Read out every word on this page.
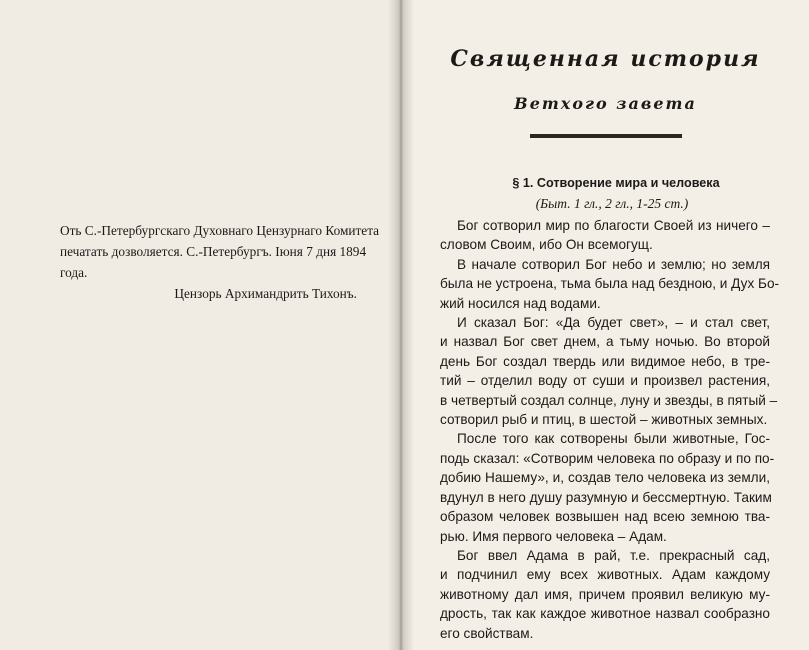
Оть С.-Петербургскаго Духовнаго Цензурнаго Комитета

печатать дозволяется. С.-Петербургъ. Іюня 7 дня 1894 года.

Цензорь Архимандрить Тихонъ.

Священная история
Ветхого завета
§ 1. Сотворение мира и человека
(Быт. 1 гл., 2 гл., 1-25 ст.)
Бог сотворил мир по благости Своей из ничего –
словом Своим, ибо Он всемогущ.
В начале сотворил Бог небо и землю; но земля
была не устроена, тьма была над бездною, и Дух Бо-
жий носился над водами.
И сказал Бог: «Да будет свет», – и стал свет,
и назвал Бог свет днем, а тьму ночью. Во второй
день Бог создал твердь или видимое небо, в тре-
тий – отделил воду от суши и произвел растения,
в четвертый создал солнце, луну и звезды, в пятый –
сотворил рыб и птиц, в шестой – животных земных.
После того как сотворены были животные, Гос-
подь сказал: «Сотворим человека по образу и по по-
добию Нашему», и, создав тело человека из земли,
вдунул в него душу разумную и бессмертную. Таким
образом человек возвышен над всею земною тва-
рью. Имя первого человека – Адам.
Бог ввел Адама в рай, т.е. прекрасный сад,
и подчинил ему всех животных. Адам каждому
животному дал имя, причем проявил великую му-
дрость, так как каждое животное назвал сообразно
его свойствам.
